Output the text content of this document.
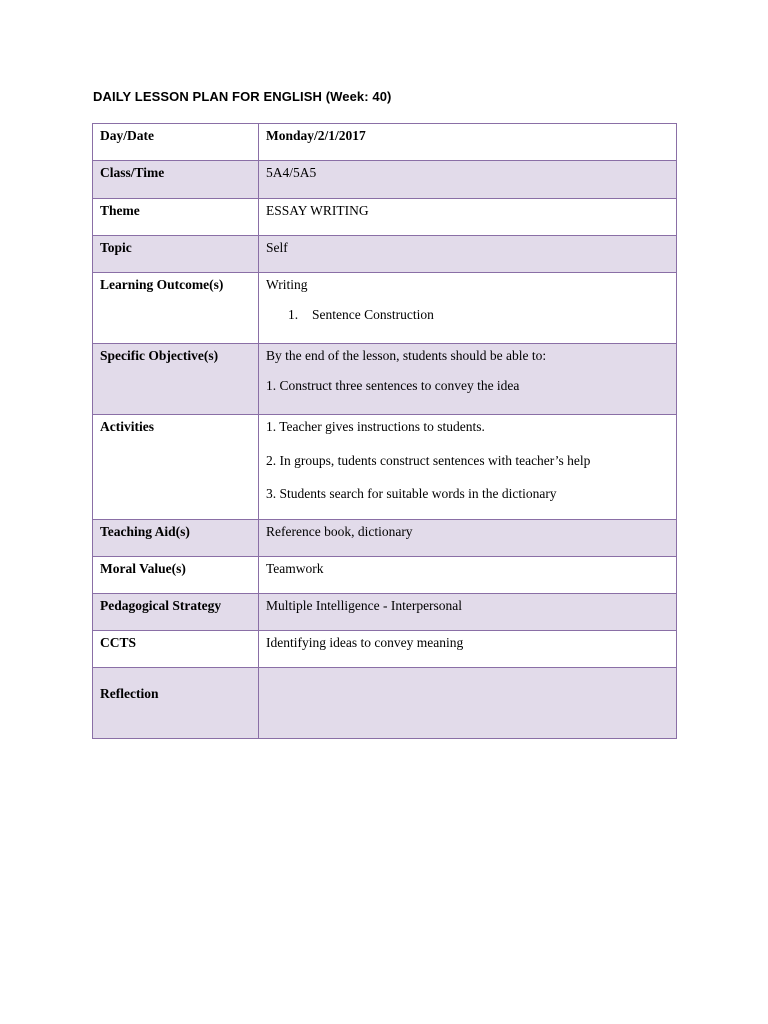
DAILY LESSON PLAN FOR ENGLISH (Week: 40)
Day/Date	Monday/2/1/2017
Class/Time	5A4/5A5
Theme	ESSAY WRITING
Topic	Self
Learning Outcome(s)	Writing

1. Sentence Construction

Specific Objective(s)	By the end of the lesson, students should be able to:

1. Construct three sentences to convey the idea

Activities	1. Teacher gives instructions to students.

2. In groups, tudents construct sentences with teacher’s help

3. Students search for suitable words in the dictionary

Teaching Aid(s)	Reference book, dictionary
Moral Value(s)	Teamwork
Pedagogical Strategy	Multiple Intelligence - Interpersonal
CCTS	Identifying ideas to convey meaning
Reflection	
